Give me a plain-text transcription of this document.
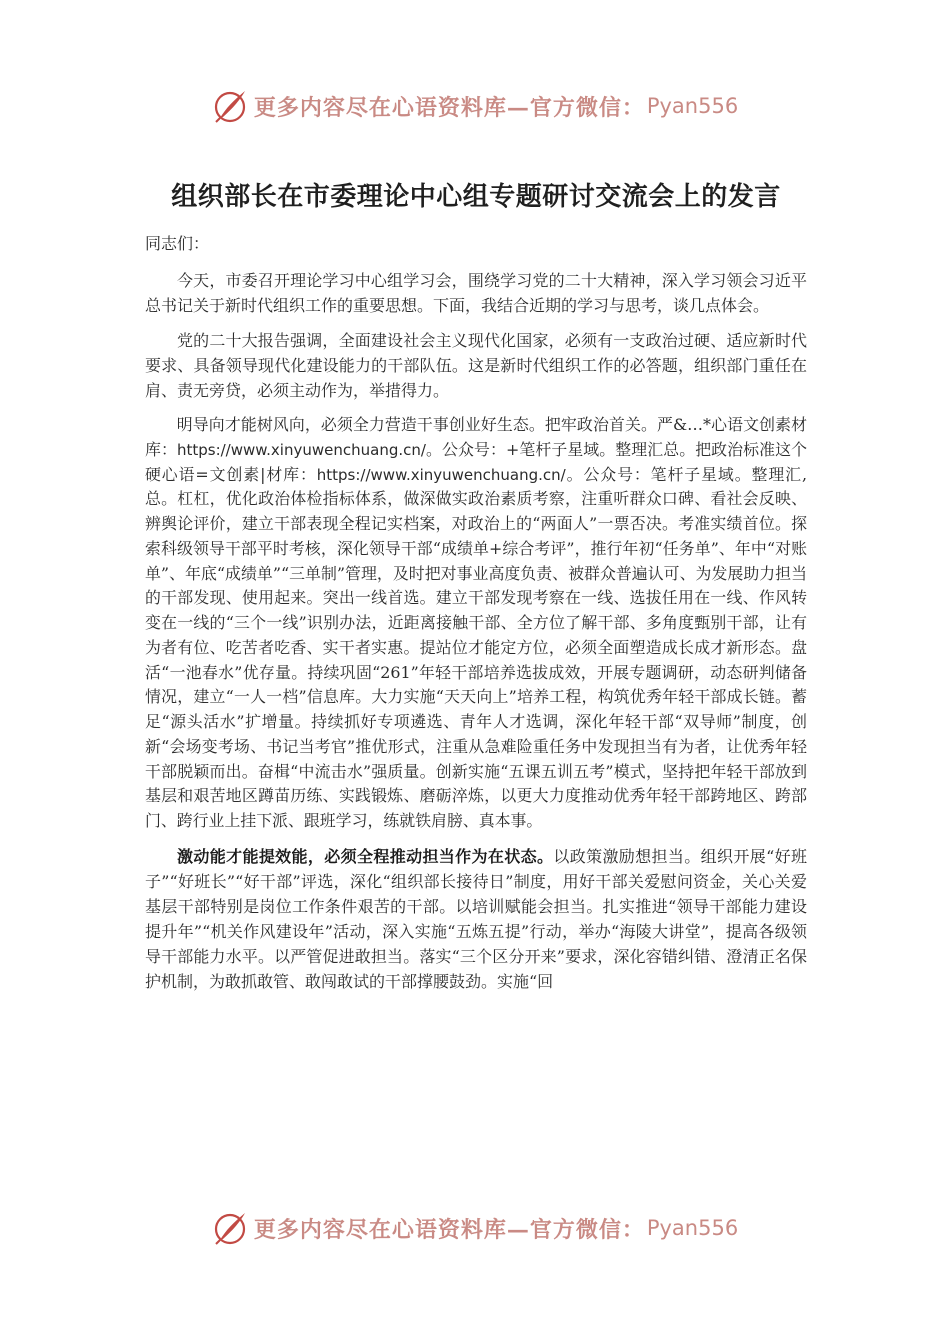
更多内容尽在心语资料库—官方微信： Pyan556
组织部长在市委理论中心组专题研讨交流会上的发言
同志们：

今天，市委召开理论学习中心组学习会，围绕学习党的二十大精神，深入学习领会习近平总书记关于新时代组织工作的重要思想。下面，我结合近期的学习与思考，谈几点体会。

党的二十大报告强调，全面建设社会主义现代化国家，必须有一支政治过硬、适应新时代要求、具备领导现代化建设能力的干部队伍。这是新时代组织工作的必答题，组织部门重任在肩、责无旁贷，必须主动作为，举措得力。

明导向才能树风向，必须全力营造干事创业好生态。把牢政治首关。严&…*心语文创素材库：https://www.xinyuwenchuang.cn/。公众号：+笔杆子星域。整理汇总。把政治标准这个硬心语=文创素|材库：https://www.xinyuwenchuang.cn/。公众号：笔杆子星域。整理汇,总。杠杠，优化政治体检指标体系，做深做实政治素质考察，注重听群众口碑、看社会反映、辨舆论评价，建立干部表现全程记实档案，对政治上的“两面人”一票否决。考准实绩首位。探索科级领导干部平时考核，深化领导干部“成绩单+综合考评”，推行年初“任务单”、年中“对账单”、年底“成绩单”“三单制”管理，及时把对事业高度负责、被群众普遍认可、为发展助力担当的干部发现、使用起来。突出一线首选。建立干部发现考察在一线、选拔任用在一线、作风转变在一线的“三个一线”识别办法，近距离接触干部、全方位了解干部、多角度甄别干部，让有为者有位、吃苦者吃香、实干者实惠。提站位才能定方位，必须全面塑造成长成才新形态。盘活“一池春水”优存量。持续巩固“261”年轻干部培养选拔成效，开展专题调研，动态研判储备情况，建立“一人一档”信息库。大力实施“天天向上”培养工程，构筑优秀年轻干部成长链。蓄足“源头活水”扩增量。持续抓好专项遴选、青年人才选调，深化年轻干部“双导师”制度，创新“会场变考场、书记当考官”推优形式，注重从急难险重任务中发现担当有为者，让优秀年轻干部脱颖而出。奋楫“中流击水”强质量。创新实施“五课五训五考”模式，坚持把年轻干部放到基层和艰苦地区蹲苗历练、实践锻炼、磨砺淬炼，以更大力度推动优秀年轻干部跨地区、跨部门、跨行业上挂下派、跟班学习，练就铁肩膀、真本事。

激动能才能提效能，必须全程推动担当作为在状态。以政策激励想担当。组织开展“好班子”“好班长”“好干部”评选，深化“组织部长接待日”制度，用好干部关爱慰问资金，关心关爱基层干部特别是岗位工作条件艰苦的干部。以培训赋能会担当。扎实推进“领导干部能力建设提升年”“机关作风建设年”活动，深入实施“五炼五提”行动，举办“海陵大讲堂”，提高各级领导干部能力水平。以严管促进敢担当。落实“三个区分开来”要求，深化容错纠错、澄清正名保护机制，为敢抓敢管、敢闯敢试的干部撑腰鼓劲。实施“回

更多内容尽在心语资料库—官方微信： Pyan556
